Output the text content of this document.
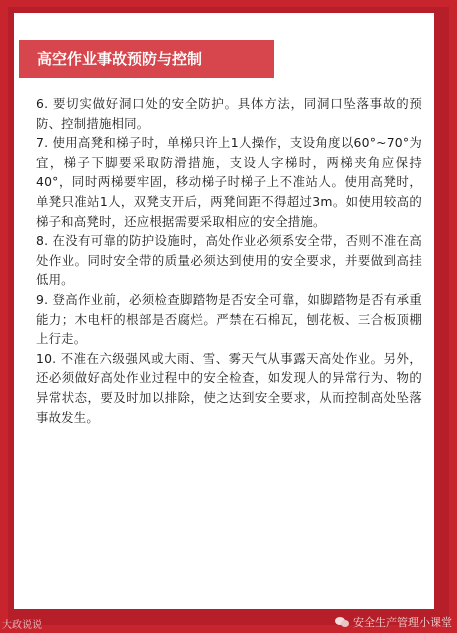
高空作业事故预防与控制

6. 要切实做好洞口处的安全防护。具体方法，同洞口坠落事故的预防、控制措施相同。

7. 使用高凳和梯子时，单梯只许上1人操作，支设角度以60°~70°为宜，梯子下脚要采取防滑措施，支设人字梯时，两梯夹角应保持40°，同时两梯要牢固，移动梯子时梯子上不准站人。使用高凳时，单凳只准站1人，双凳支开后，两凳间距不得超过3m。如使用较高的梯子和高凳时，还应根据需要采取相应的安全措施。

8. 在没有可靠的防护设施时，高处作业必须系安全带，否则不准在高处作业。同时安全带的质量必须达到使用的安全要求，并要做到高挂低用。

9. 登高作业前，必须检查脚踏物是否安全可靠，如脚踏物是否有承重能力；木电杆的根部是否腐烂。严禁在石棉瓦，刨花板、三合板顶棚上行走。

10. 不准在六级强风或大雨、雪、雾天气从事露天高处作业。另外，还必须做好高处作业过程中的安全检查，如发现人的异常行为、物的异常状态，要及时加以排除，使之达到安全要求，从而控制高处坠落事故发生。

大政说说	安全生产管理小课堂
